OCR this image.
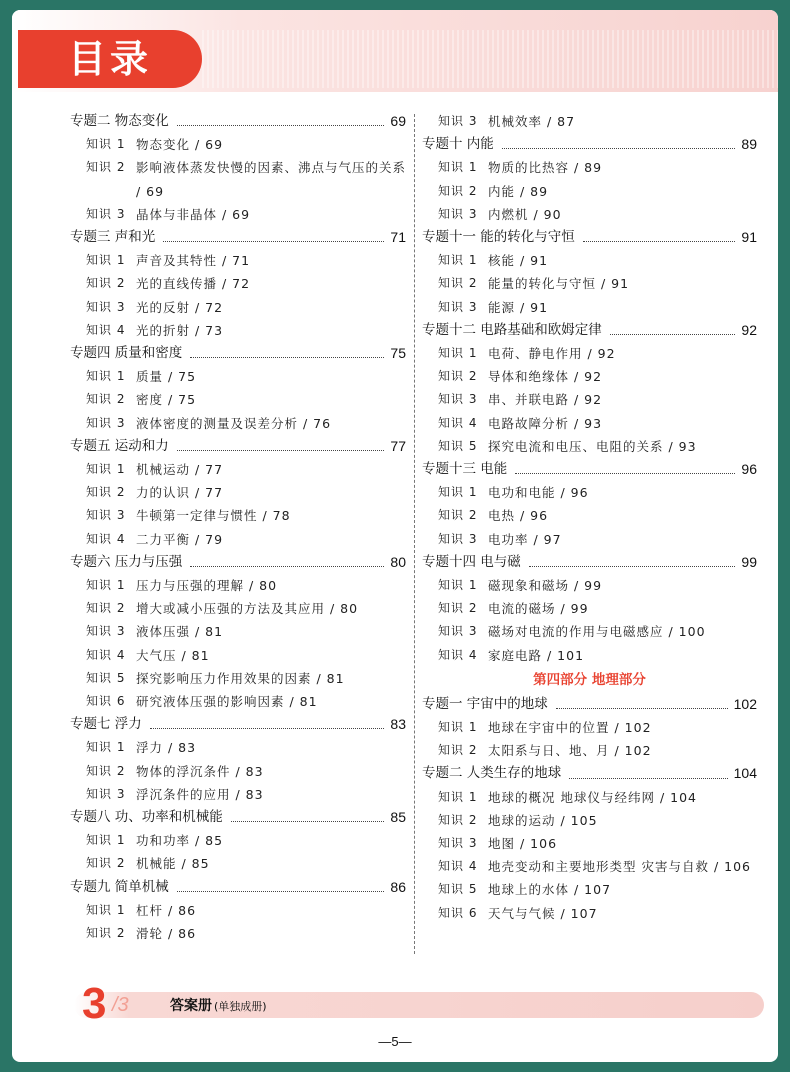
目录
专题二 物态变化	69
知识 1 物态变化 / 69
知识 2 影响液体蒸发快慢的因素、沸点与气压的关系 / 69
知识 3 晶体与非晶体 / 69
专题三 声和光	71
知识 1 声音及其特性 / 71
知识 2 光的直线传播 / 72
知识 3 光的反射 / 72
知识 4 光的折射 / 73
专题四 质量和密度	75
知识 1 质量 / 75
知识 2 密度 / 75
知识 3 液体密度的测量及误差分析 / 76
专题五 运动和力	77
知识 1 机械运动 / 77
知识 2 力的认识 / 77
知识 3 牛顿第一定律与惯性 / 78
知识 4 二力平衡 / 79
专题六 压力与压强	80
知识 1 压力与压强的理解 / 80
知识 2 增大或减小压强的方法及其应用 / 80
知识 3 液体压强 / 81
知识 4 大气压 / 81
知识 5 探究影响压力作用效果的因素 / 81
知识 6 研究液体压强的影响因素 / 81
专题七 浮力	83
知识 1 浮力 / 83
知识 2 物体的浮沉条件 / 83
知识 3 浮沉条件的应用 / 83
专题八 功、功率和机械能	85
知识 1 功和功率 / 85
知识 2 机械能 / 85
专题九 简单机械	86
知识 1 杠杆 / 86
知识 2 滑轮 / 86
知识 3 机械效率 / 87
专题十 内能	89
知识 1 物质的比热容 / 89
知识 2 内能 / 89
知识 3 内燃机 / 90
专题十一 能的转化与守恒	91
知识 1 核能 / 91
知识 2 能量的转化与守恒 / 91
知识 3 能源 / 91
专题十二 电路基础和欧姆定律	92
知识 1 电荷、静电作用 / 92
知识 2 导体和绝缘体 / 92
知识 3 串、并联电路 / 92
知识 4 电路故障分析 / 93
知识 5 探究电流和电压、电阻的关系 / 93
专题十三 电能	96
知识 1 电功和电能 / 96
知识 2 电热 / 96
知识 3 电功率 / 97
专题十四 电与磁	99
知识 1 磁现象和磁场 / 99
知识 2 电流的磁场 / 99
知识 3 磁场对电流的作用与电磁感应 / 100
知识 4 家庭电路 / 101
第四部分 地理部分
专题一 宇宙中的地球	102
知识 1 地球在宇宙中的位置 / 102
知识 2 太阳系与日、地、月 / 102
专题二 人类生存的地球	104
知识 1 地球的概况 地球仪与经纬网 / 104
知识 2 地球的运动 / 105
知识 3 地图 / 106
知识 4 地壳变动和主要地形类型 灾害与自救 / 106
知识 5 地球上的水体 / 107
知识 6 天气与气候 / 107
3 /3	答案册 (单独成册)
—5—
